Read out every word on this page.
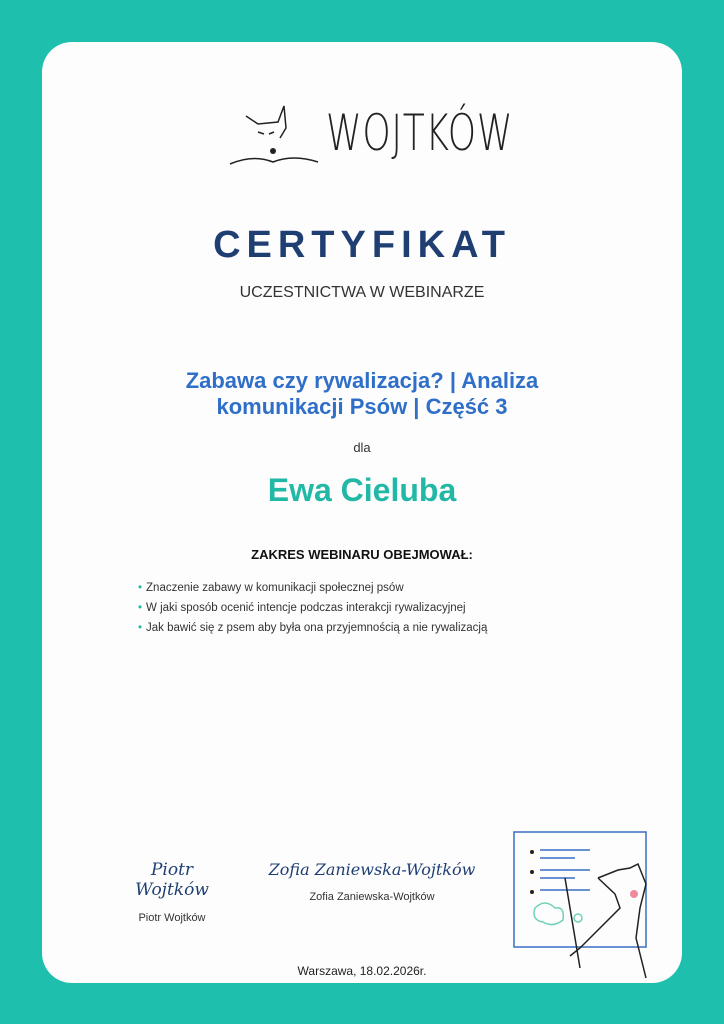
WOJTKÓW
CERTYFIKAT
UCZESTNICTWA W WEBINARZE
Zabawa czy rywalizacja? | Analiza
komunikacji Psów | Część 3
dla
Ewa Cieluba
ZAKRES WEBINARU OBEJMOWAŁ:
• Znaczenie zabawy w komunikacji społecznej psów
• W jaki sposób ocenić intencje podczas interakcji rywalizacyjnej
• Jak bawić się z psem aby była ona przyjemnością a nie rywalizacją
Piotr Wojtków
Piotr Wojtków
Zofia Zaniewska-Wojtków
Zofia Zaniewska-Wojtków
Warszawa, 18.02.2026r.
